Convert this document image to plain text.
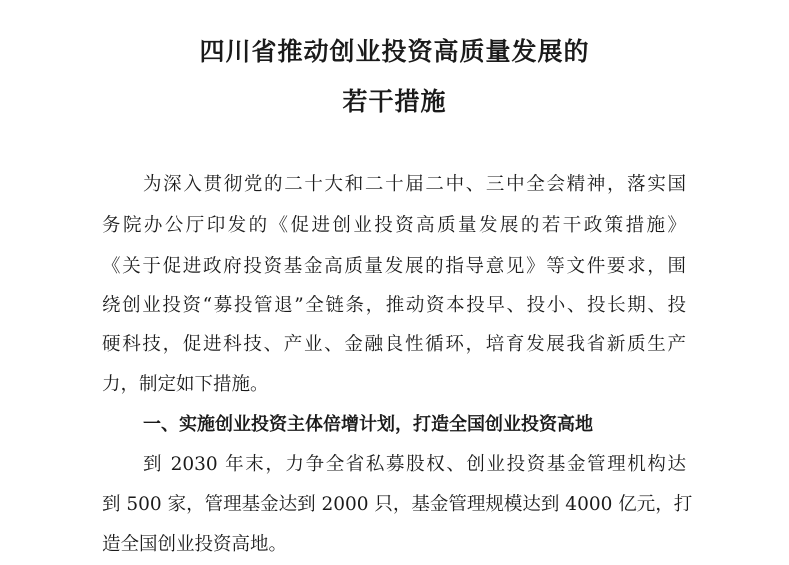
四川省推动创业投资高质量发展的
若干措施

为深入贯彻党的二十大和二十届二中、三中全会精神，落实国

务院办公厅印发的《促进创业投资高质量发展的若干政策措施》

《关于促进政府投资基金高质量发展的指导意见》等文件要求，围

绕创业投资“募投管退”全链条，推动资本投早、投小、投长期、投

硬科技，促进科技、产业、金融良性循环，培育发展我省新质生产

力，制定如下措施。

一、实施创业投资主体倍增计划，打造全国创业投资高地

到 2030 年末，力争全省私募股权、创业投资基金管理机构达

到 500 家，管理基金达到 2000 只，基金管理规模达到 4000 亿元，打

造全国创业投资高地。
